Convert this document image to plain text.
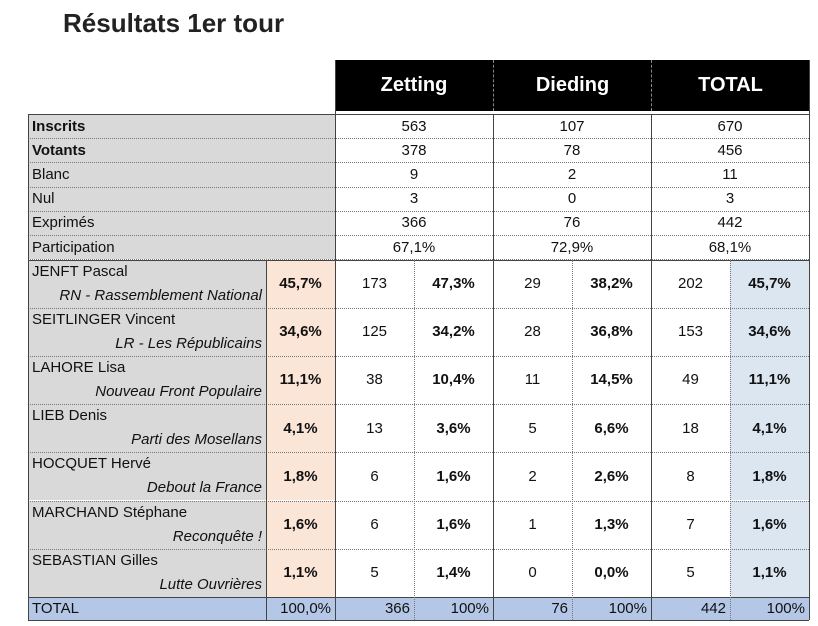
Résultats 1er tour
Zetting	Dieding	TOTAL
Inscrits	563	107	670
Votants	378	78	456
Blanc	9	2	11
Nul	3	0	3
Exprimés	366	76	442
Participation	67,1%	72,9%	68,1%
JENFT Pascal
RN - Rassemblement National
45,7%	173	47,3%	29	38,2%	202	45,7%
SEITLINGER Vincent
LR - Les Républicains
34,6%	125	34,2%	28	36,8%	153	34,6%
LAHORE Lisa
Nouveau Front Populaire
11,1%	38	10,4%	11	14,5%	49	11,1%
LIEB Denis
Parti des Mosellans
4,1%	13	3,6%	5	6,6%	18	4,1%
HOCQUET Hervé
Debout la France
1,8%	6	1,6%	2	2,6%	8	1,8%
MARCHAND Stéphane
Reconquête !
1,6%	6	1,6%	1	1,3%	7	1,6%
SEBASTIAN Gilles
Lutte Ouvrières
1,1%	5	1,4%	0	0,0%	5	1,1%
TOTAL	100,0%	366	100%	76	100%	442	100%
